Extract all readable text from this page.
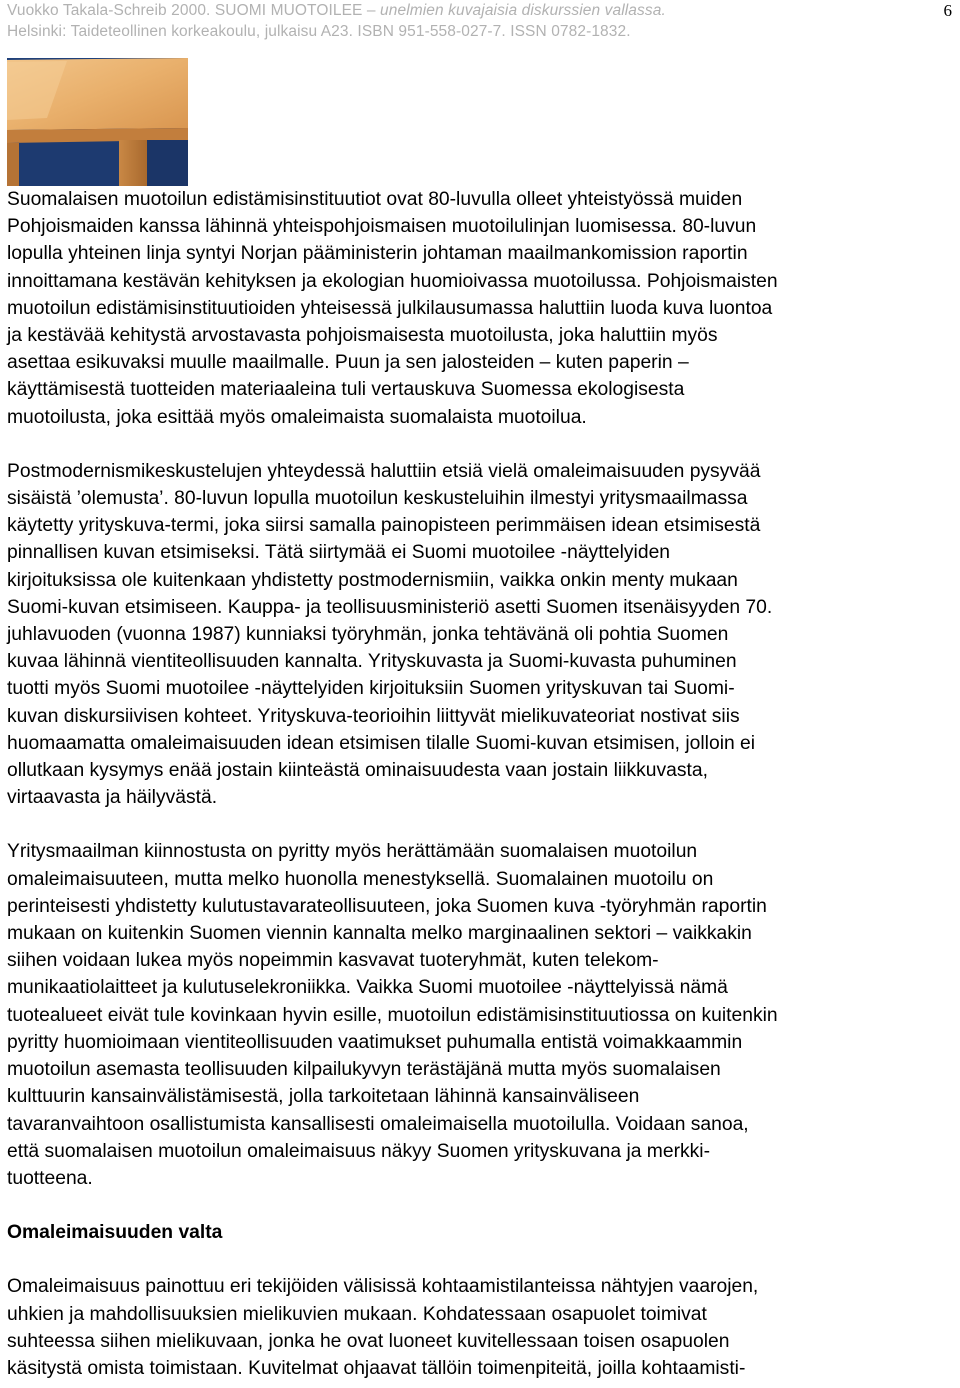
Vuokko Takala-Schreib 2000. SUOMI MUOTOILEE – unelmien kuvajaisia diskurssien vallassa.
Helsinki: Taideteollinen korkeakoulu, julkaisu A23. ISBN 951-558-027-7. ISSN 0782-1832.
6

Suomalaisen muotoilun edistämisinstituutiot ovat 80-luvulla olleet yhteistyössä muiden
Pohjoismaiden kanssa lähinnä yhteispohjoismaisen muotoilulinjan luomisessa. 80-luvun
lopulla yhteinen linja syntyi Norjan pääministerin johtaman maailmankomission raportin
innoittamana kestävän kehityksen ja ekologian huomioivassa muotoilussa. Pohjoismaisten
muotoilun edistämisinstituutioiden yhteisessä julkilausumassa haluttiin luoda kuva luontoa
ja kestävää kehitystä arvostavasta pohjoismaisesta muotoilusta, joka haluttiin myös
asettaa esikuvaksi muulle maailmalle. Puun ja sen jalosteiden – kuten paperin –
käyttämisestä tuotteiden materiaaleina tuli vertauskuva Suomessa ekologisesta
muotoilusta, joka esittää myös omaleimaista suomalaista muotoilua.

Postmodernismikeskustelujen yhteydessä haluttiin etsiä vielä omaleimaisuuden pysyvää
sisäistä ’olemusta’. 80-luvun lopulla muotoilun keskusteluihin ilmestyi yritysmaailmassa
käytetty yrityskuva-termi, joka siirsi samalla painopisteen perimmäisen idean etsimisestä
pinnallisen kuvan etsimiseksi. Tätä siirtymää ei Suomi muotoilee -näyttelyiden
kirjoituksissa ole kuitenkaan yhdistetty postmodernismiin, vaikka onkin menty mukaan
Suomi-kuvan etsimiseen. Kauppa- ja teollisuusministeriö asetti Suomen itsenäisyyden 70.
juhlavuoden (vuonna 1987) kunniaksi työryhmän, jonka tehtävänä oli pohtia Suomen
kuvaa lähinnä vientiteollisuuden kannalta. Yrityskuvasta ja Suomi-kuvasta puhuminen
tuotti myös Suomi muotoilee -näyttelyiden kirjoituksiin Suomen yrityskuvan tai Suomi-
kuvan diskursiivisen kohteet. Yrityskuva-teorioihin liittyvät mielikuvateoriat nostivat siis
huomaamatta omaleimaisuuden idean etsimisen tilalle Suomi-kuvan etsimisen, jolloin ei
ollutkaan kysymys enää jostain kiinteästä ominaisuudesta vaan jostain liikkuvasta,
virtaavasta ja häilyvästä.

Yritysmaailman kiinnostusta on pyritty myös herättämään suomalaisen muotoilun
omaleimaisuuteen, mutta melko huonolla menestyksellä. Suomalainen muotoilu on
perinteisesti yhdistetty kulutustavarateollisuuteen, joka Suomen kuva -työryhmän raportin
mukaan on kuitenkin Suomen viennin kannalta melko marginaalinen sektori – vaikkakin
siihen voidaan lukea myös nopeimmin kasvavat tuoteryhmät, kuten telekom-
munikaatiolaitteet ja kulutuselekroniikka. Vaikka Suomi muotoilee -näyttelyissä nämä
tuotealueet eivät tule kovinkaan hyvin esille, muotoilun edistämisinstituutiossa on kuitenkin
pyritty huomioimaan vientiteollisuuden vaatimukset puhumalla entistä voimakkaammin
muotoilun asemasta teollisuuden kilpailukyvyn terästäjänä mutta myös suomalaisen
kulttuurin kansainvälistämisestä, jolla tarkoitetaan lähinnä kansainväliseen
tavaranvaihtoon osallistumista kansallisesti omaleimaisella muotoilulla. Voidaan sanoa,
että suomalaisen muotoilun omaleimaisuus näkyy Suomen yrityskuvana ja merkki-
tuotteena.

Omaleimaisuuden valta

Omaleimaisuus painottuu eri tekijöiden välisissä kohtaamistilanteissa nähtyjen vaarojen,
uhkien ja mahdollisuuksien mielikuvien mukaan. Kohdatessaan osapuolet toimivat
suhteessa siihen mielikuvaan, jonka he ovat luoneet kuvitellessaan toisen osapuolen
käsitystä omista toimistaan. Kuvitelmat ohjaavat tällöin toimenpiteitä, joilla kohtaamisti-
